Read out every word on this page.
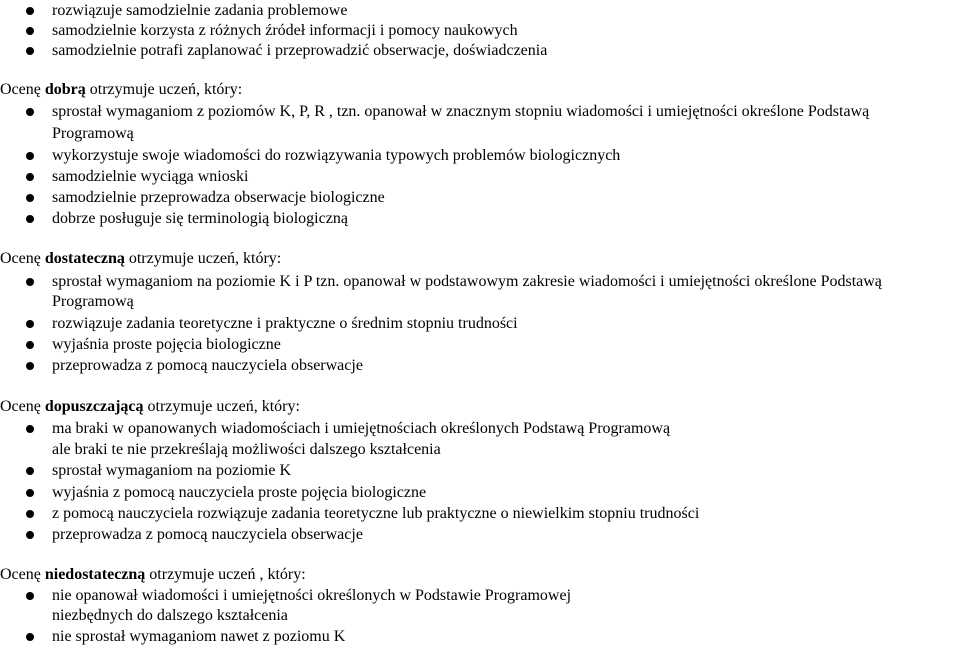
rozwiązuje samodzielnie zadania problemowe
samodzielnie korzysta z różnych źródeł informacji i pomocy naukowych
samodzielnie potrafi zaplanować i przeprowadzić obserwacje, doświadczenia
Ocenę dobrą otrzymuje uczeń, który:
sprostał wymaganiom z poziomów K, P, R , tzn. opanował w znacznym stopniu wiadomości i umiejętności określone Podstawą
Programową
wykorzystuje swoje wiadomości do rozwiązywania typowych problemów biologicznych
samodzielnie wyciąga wnioski
samodzielnie przeprowadza obserwacje biologiczne
dobrze posługuje się terminologią biologiczną
Ocenę dostateczną otrzymuje uczeń, który:
sprostał wymaganiom na poziomie K i P tzn. opanował w podstawowym zakresie wiadomości i umiejętności określone Podstawą
Programową
rozwiązuje zadania teoretyczne i praktyczne o średnim stopniu trudności
wyjaśnia proste pojęcia biologiczne
przeprowadza z pomocą nauczyciela obserwacje
Ocenę dopuszczającą otrzymuje uczeń, który:
ma braki w opanowanych wiadomościach i umiejętnościach określonych Podstawą Programową
ale braki te nie przekreślają możliwości dalszego kształcenia
sprostał wymaganiom na poziomie K
wyjaśnia z pomocą nauczyciela proste pojęcia biologiczne
z pomocą nauczyciela rozwiązuje zadania teoretyczne lub praktyczne o niewielkim stopniu trudności
przeprowadza z pomocą nauczyciela obserwacje
Ocenę niedostateczną otrzymuje uczeń , który:
nie opanował wiadomości i umiejętności określonych w Podstawie Programowej
niezbędnych do dalszego kształcenia
nie sprostał wymaganiom nawet z poziomu K
